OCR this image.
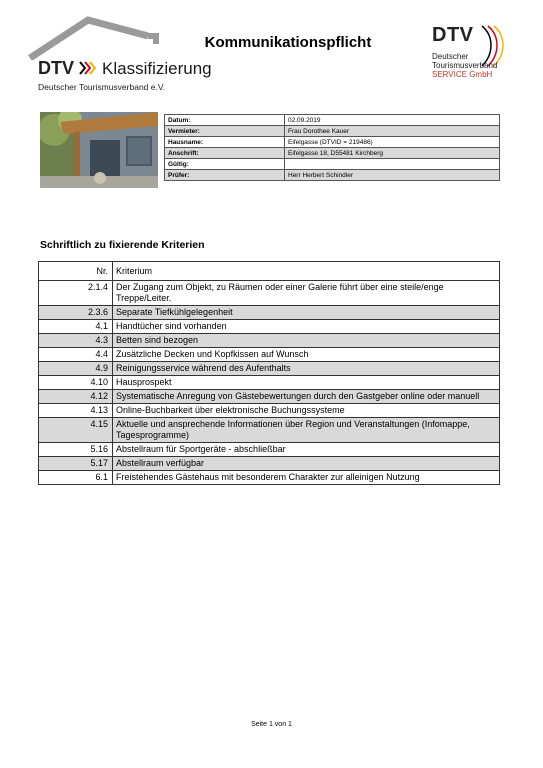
DTV Klassifizierung
Deutscher Tourismusverband e.V.
Kommunikationspflicht	DTV
Deutscher
Tourismusverband
SERVICE GmbH
Datum:	02.09.2019
Vermieter:	Frau Dorothee Kauer
Hausname:	Eifelgasse (DTVID = 219486)
Anschrift:	Eifelgasse 18, D55481 Kirchberg
Gültig:	
Prüfer:	Herr Herbert Schindler
Schriftlich zu fixierende Kriterien
Nr.	Kriterium
2.1.4	Der Zugang zum Objekt, zu Räumen oder einer Galerie führt über eine steile/enge Treppe/Leiter.
2.3.6	Separate Tiefkühlgelegenheit
4.1	Handtücher sind vorhanden
4.3	Betten sind bezogen
4.4	Zusätzliche Decken und Kopfkissen auf Wunsch
4.9	Reinigungsservice während des Aufenthalts
4.10	Hausprospekt
4.12	Systematische Anregung von Gästebewertungen durch den Gastgeber online oder manuell
4.13	Online-Buchbarkeit über elektronische Buchungssysteme
4.15	Aktuelle und ansprechende Informationen über Region und Veranstaltungen (Infomappe, Tagesprogramme)
5.16	Abstellraum für Sportgeräte - abschließbar
5.17	Abstellraum verfügbar
6.1	Freistehendes Gästehaus mit besonderem Charakter zur alleinigen Nutzung
Seite 1 von 1
